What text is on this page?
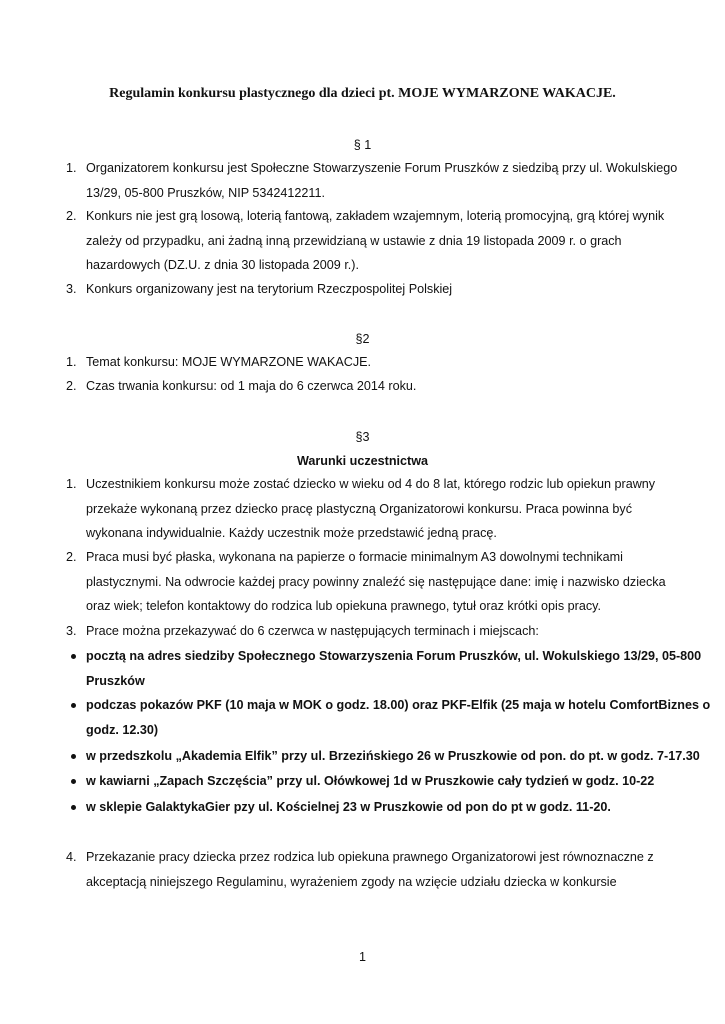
Regulamin konkursu plastycznego dla dzieci pt. MOJE WYMARZONE WAKACJE.
§ 1
1. Organizatorem konkursu jest Społeczne Stowarzyszenie Forum Pruszków z siedzibą przy ul. Wokulskiego
13/29, 05-800 Pruszków, NIP 5342412211.
2. Konkurs nie jest grą losową, loterią fantową, zakładem wzajemnym, loterią promocyjną, grą której wynik
zależy od przypadku, ani żadną inną przewidzianą w ustawie z dnia 19 listopada 2009 r. o grach
hazardowych (DZ.U. z dnia 30 listopada 2009 r.).
3. Konkurs organizowany jest na terytorium Rzeczpospolitej Polskiej
§2
1. Temat konkursu: MOJE WYMARZONE WAKACJE.
2. Czas trwania konkursu: od 1 maja do 6 czerwca 2014 roku.
§3
Warunki uczestnictwa
1. Uczestnikiem konkursu może zostać dziecko w wieku od 4 do 8 lat, którego rodzic lub opiekun prawny
przekaże wykonaną przez dziecko pracę plastyczną Organizatorowi konkursu. Praca powinna być
wykonana indywidualnie. Każdy uczestnik może przedstawić jedną pracę.
2. Praca musi być płaska, wykonana na papierze o formacie minimalnym A3 dowolnymi technikami
plastycznymi. Na odwrocie każdej pracy powinny znaleźć się następujące dane: imię i nazwisko dziecka
oraz wiek; telefon kontaktowy do rodzica lub opiekuna prawnego, tytuł oraz krótki opis pracy.
3. Prace można przekazywać do 6 czerwca w następujących terminach i miejscach:
pocztą na adres siedziby Społecznego Stowarzyszenia Forum Pruszków, ul. Wokulskiego 13/29, 05-800
Pruszków
podczas pokazów PKF (10 maja w MOK o godz. 18.00) oraz PKF-Elfik (25 maja w hotelu ComfortBiznes o
godz. 12.30)
w przedszkolu „Akademia Elfik” przy ul. Brzezińskiego 26 w Pruszkowie od pon. do pt. w godz. 7-17.30
w kawiarni „Zapach Szczęścia” przy ul. Ołówkowej 1d w Pruszkowie cały tydzień w godz. 10-22
w sklepie GalaktykaGier pzy ul. Kościelnej 23 w Pruszkowie od pon do pt w godz. 11-20.
4. Przekazanie pracy dziecka przez rodzica lub opiekuna prawnego Organizatorowi jest równoznaczne z
akceptacją niniejszego Regulaminu, wyrażeniem zgody na wzięcie udziału dziecka w konkursie
1
